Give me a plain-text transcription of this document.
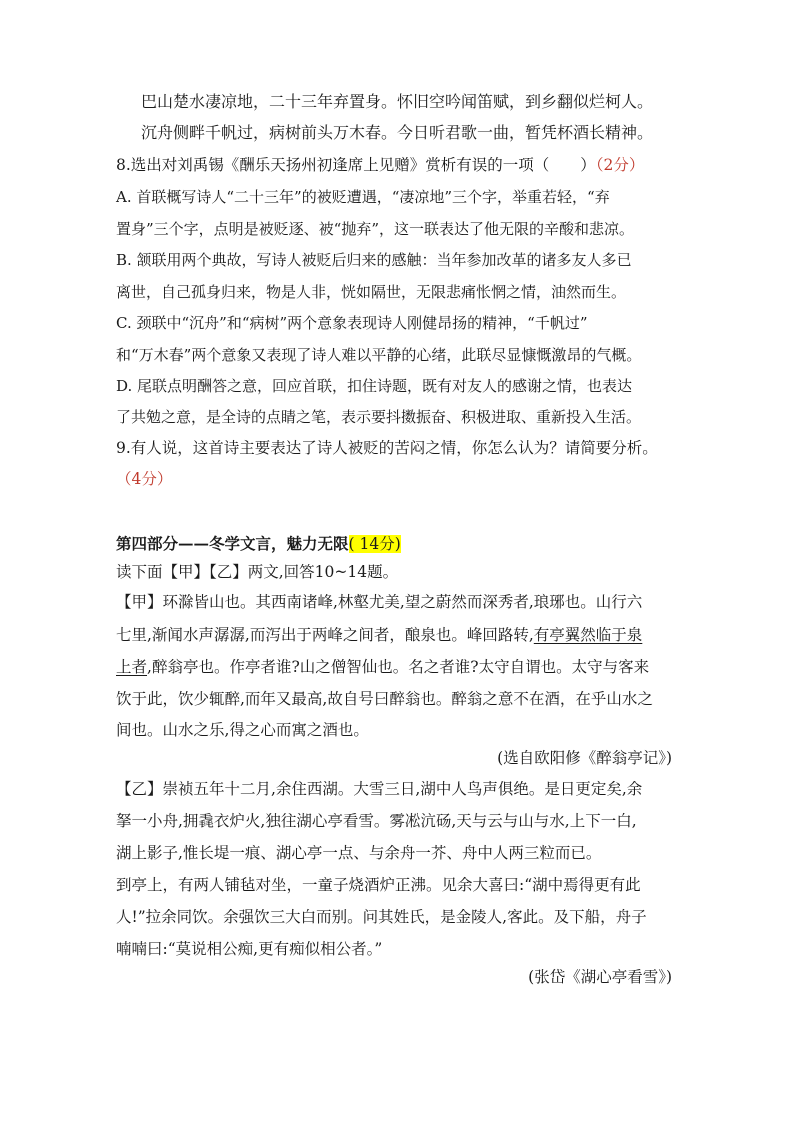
巴山楚水凄凉地，二十三年弃置身。怀旧空吟闻笛赋，到乡翻似烂柯人。
沉舟侧畔千帆过，病树前头万木春。今日听君歌一曲，暂凭杯酒长精神。
8.选出对刘禹锡《酬乐天扬州初逢席上见赠》赏析有误的一项（　　）（2分）
A. 首联概写诗人“二十三年”的被贬遭遇，“凄凉地”三个字，举重若轻，“弃
置身”三个字，点明是被贬逐、被“抛弃”，这一联表达了他无限的辛酸和悲凉。
B. 颔联用两个典故，写诗人被贬后归来的感触：当年参加改革的诸多友人多已
离世，自己孤身归来，物是人非，恍如隔世，无限悲痛怅惘之情，油然而生。
C. 颈联中“沉舟”和“病树”两个意象表现诗人刚健昂扬的精神，“千帆过”
和“万木春”两个意象又表现了诗人难以平静的心绪，此联尽显慷慨激昂的气概。
D. 尾联点明酬答之意，回应首联，扣住诗题，既有对友人的感谢之情，也表达
了共勉之意，是全诗的点睛之笔，表示要抖擞振奋、积极进取、重新投入生活。
9.有人说，这首诗主要表达了诗人被贬的苦闷之情，你怎么认为？请简要分析。
（4分）
第四部分——冬学文言，魅力无限( 14分)
读下面【甲】【乙】两文,回答10~14题。
【甲】环滁皆山也。其西南诸峰,林壑尤美,望之蔚然而深秀者,琅琊也。山行六
七里,渐闻水声潺潺,而泻出于两峰之间者，酿泉也。峰回路转,有亭翼然临于泉
上者,醉翁亭也。作亭者谁?山之僧智仙也。名之者谁?太守自谓也。太守与客来
饮于此，饮少辄醉,而年又最高,故自号曰醉翁也。醉翁之意不在酒，在乎山水之
间也。山水之乐,得之心而寓之酒也。
(选自欧阳修《醉翁亭记》)
【乙】崇祯五年十二月,余住西湖。大雪三日,湖中人鸟声俱绝。是日更定矣,余
拏一小舟,拥毳衣炉火,独往湖心亭看雪。雾凇沆砀,天与云与山与水,上下一白,
湖上影子,惟长堤一痕、湖心亭一点、与余舟一芥、舟中人两三粒而已。
到亭上，有两人铺毡对坐，一童子烧酒炉正沸。见余大喜曰:“湖中焉得更有此
人!”拉余同饮。余强饮三大白而别。问其姓氏，是金陵人,客此。及下船，舟子
喃喃曰:“莫说相公痴,更有痴似相公者。”
(张岱《湖心亭看雪》)
